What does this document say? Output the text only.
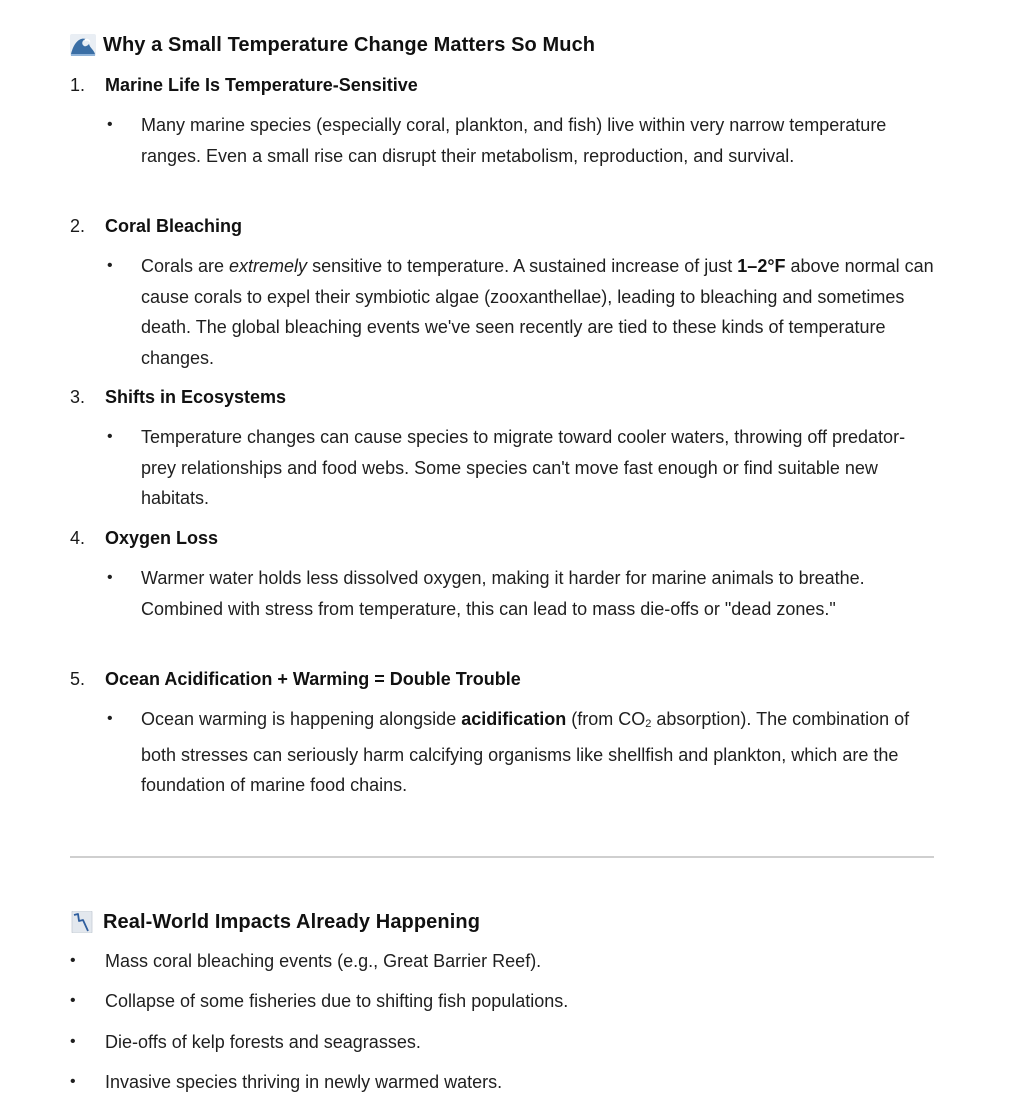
Why a Small Temperature Change Matters So Much
1.	Marine Life Is Temperature-Sensitive
• Many marine species (especially coral, plankton, and fish) live within very narrow temperature ranges. Even a small rise can disrupt their metabolism, reproduction, and survival.
2.	Coral Bleaching
• Corals are extremely sensitive to temperature. A sustained increase of just 1–2°F above normal can cause corals to expel their symbiotic algae (zooxanthellae), leading to bleaching and sometimes death. The global bleaching events we've seen recently are tied to these kinds of temperature changes.
3.	Shifts in Ecosystems
• Temperature changes can cause species to migrate toward cooler waters, throwing off predator-prey relationships and food webs. Some species can't move fast enough or find suitable new habitats.
4.	Oxygen Loss
• Warmer water holds less dissolved oxygen, making it harder for marine animals to breathe. Combined with stress from temperature, this can lead to mass die-offs or "dead zones."
5.	Ocean Acidification + Warming = Double Trouble
• Ocean warming is happening alongside acidification (from $CO_2$ absorption). The combination of both stresses can seriously harm calcifying organisms like shellfish and plankton, which are the foundation of marine food chains.
Real-World Impacts Already Happening
• Mass coral bleaching events (e.g., Great Barrier Reef).
• Collapse of some fisheries due to shifting fish populations.
• Die-offs of kelp forests and seagrasses.
• Invasive species thriving in newly warmed waters.
